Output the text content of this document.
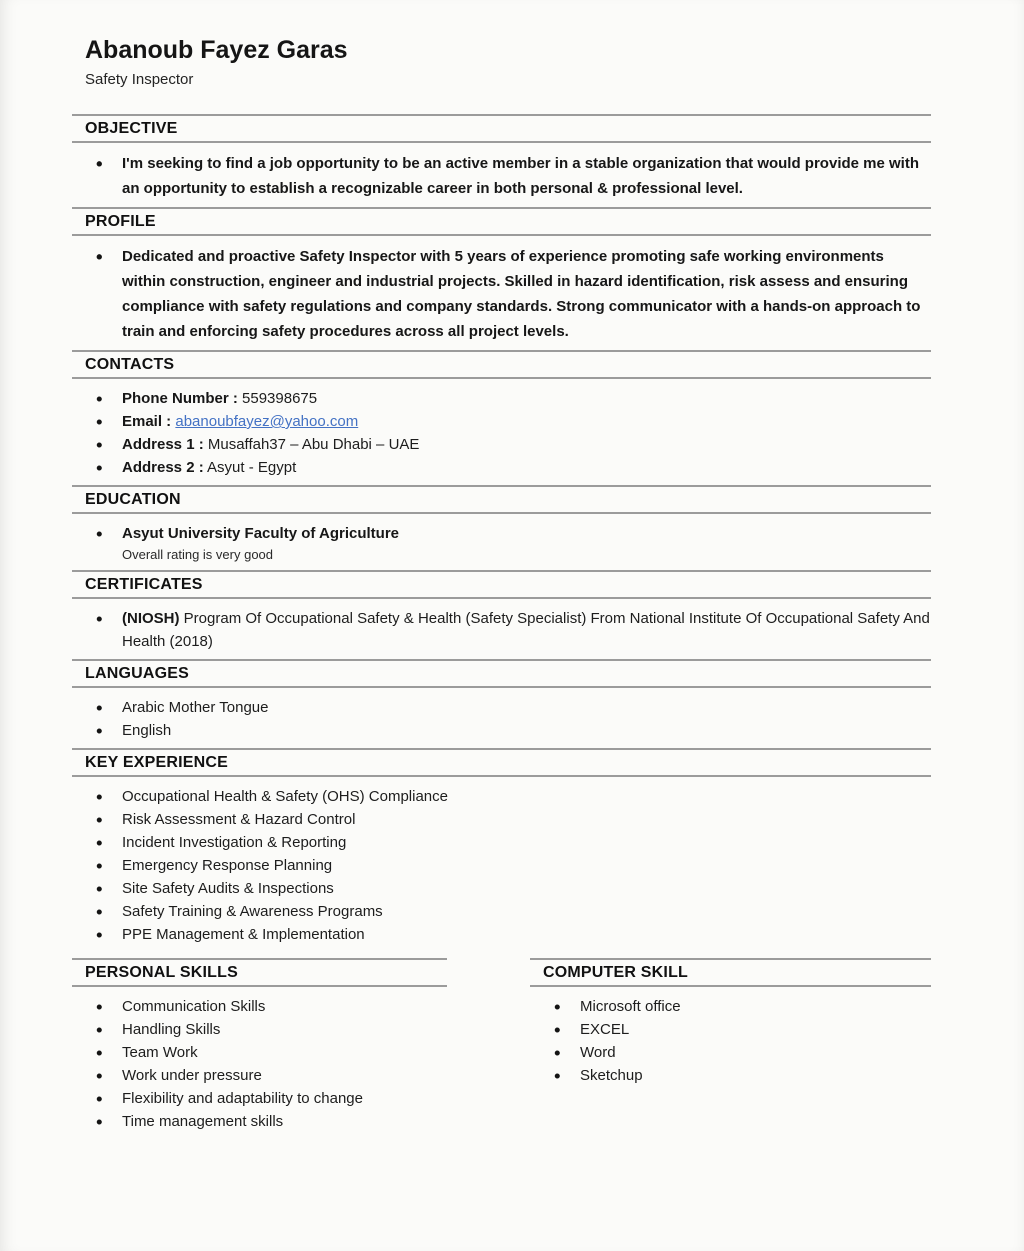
Abanoub Fayez Garas
Safety Inspector
OBJECTIVE
• I'm seeking to find a job opportunity to be an active member in a stable organization that would provide me with an opportunity to establish a recognizable career in both personal & professional level.
PROFILE
• Dedicated and proactive Safety Inspector with 5 years of experience promoting safe working environments within construction, engineer and industrial projects. Skilled in hazard identification, risk assess and ensuring compliance with safety regulations and company standards. Strong communicator with a hands-on approach to train and enforcing safety procedures across all project levels.
CONTACTS
• Phone Number : 559398675
• Email : abanoubfayez@yahoo.com
• Address 1 : Musaffah37 – Abu Dhabi – UAE
• Address 2 : Asyut - Egypt
EDUCATION
• Asyut University Faculty of Agriculture
Overall rating is very good
CERTIFICATES
• (NIOSH) Program Of Occupational Safety & Health (Safety Specialist) From National Institute Of Occupational Safety And Health (2018)
LANGUAGES
• Arabic Mother Tongue
• English
KEY EXPERIENCE
• Occupational Health & Safety (OHS) Compliance
• Risk Assessment & Hazard Control
• Incident Investigation & Reporting
• Emergency Response Planning
• Site Safety Audits & Inspections
• Safety Training & Awareness Programs
• PPE Management & Implementation
PERSONAL SKILLS
• Communication Skills
• Handling Skills
• Team Work
• Work under pressure
• Flexibility and adaptability to change
• Time management skills
COMPUTER SKILL
• Microsoft office
• EXCEL
• Word
• Sketchup
